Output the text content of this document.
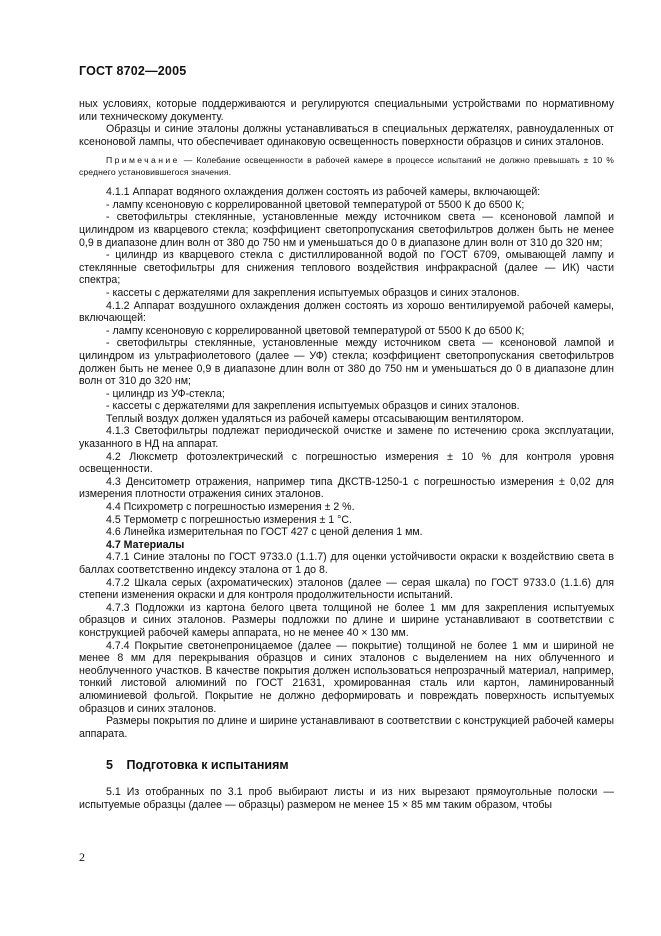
ГОСТ 8702—2005

ных условиях, которые поддерживаются и регулируются специальными устройствами по нормативному или техническому документу.

Образцы и синие эталоны должны устанавливаться в специальных держателях, равноудаленных от ксеноновой лампы, что обеспечивает одинаковую освещенность поверхности образцов и синих эталонов.

Примечание — Колебание освещенности в рабочей камере в процессе испытаний не должно превышать ± 10 % среднего установившегося значения.

4.1.1 Аппарат водяного охлаждения должен состоять из рабочей камеры, включающей:

- лампу ксеноновую с коррелированной цветовой температурой от 5500 К до 6500 К;

- светофильтры стеклянные, установленные между источником света — ксеноновой лампой и цилиндром из кварцевого стекла; коэффициент светопропускания светофильтров должен быть не менее 0,9 в диапазоне длин волн от 380 до 750 нм и уменьшаться до 0 в диапазоне длин волн от 310 до 320 нм;

- цилиндр из кварцевого стекла с дистиллированной водой по ГОСТ 6709, омывающей лампу и стеклянные светофильтры для снижения теплового воздействия инфракрасной (далее — ИК) части спектра;

- кассеты с держателями для закрепления испытуемых образцов и синих эталонов.

4.1.2 Аппарат воздушного охлаждения должен состоять из хорошо вентилируемой рабочей камеры, включающей:

- лампу ксеноновую с коррелированной цветовой температурой от 5500 К до 6500 К;

- светофильтры стеклянные, установленные между источником света — ксеноновой лампой и цилиндром из ультрафиолетового (далее — УФ) стекла; коэффициент светопропускания светофильтров должен быть не менее 0,9 в диапазоне длин волн от 380 до 750 нм и уменьшаться до 0 в диапазоне длин волн от 310 до 320 нм;

- цилиндр из УФ-стекла;

- кассеты с держателями для закрепления испытуемых образцов и синих эталонов.

Теплый воздух должен удаляться из рабочей камеры отсасывающим вентилятором.

4.1.3 Светофильтры подлежат периодической очистке и замене по истечению срока эксплуатации, указанного в НД на аппарат.

4.2 Люксметр фотоэлектрический с погрешностью измерения ± 10 % для контроля уровня освещенности.

4.3 Денситометр отражения, например типа ДКСТВ-1250-1 с погрешностью измерения ± 0,02 для измерения плотности отражения синих эталонов.

4.4 Психрометр с погрешностью измерения ± 2 %.

4.5 Термометр с погрешностью измерения ± 1 °С.

4.6 Линейка измерительная по ГОСТ 427 с ценой деления 1 мм.

4.7 Материалы

4.7.1 Синие эталоны по ГОСТ 9733.0 (1.1.7) для оценки устойчивости окраски к воздействию света в баллах соответственно индексу эталона от 1 до 8.

4.7.2 Шкала серых (ахроматических) эталонов (далее — серая шкала) по ГОСТ 9733.0 (1.1.6) для степени изменения окраски и для контроля продолжительности испытаний.

4.7.3 Подложки из картона белого цвета толщиной не более 1 мм для закрепления испытуемых образцов и синих эталонов. Размеры подложки по длине и ширине устанавливают в соответствии с конструкцией рабочей камеры аппарата, но не менее 40 × 130 мм.

4.7.4 Покрытие светонепроницаемое (далее — покрытие) толщиной не более 1 мм и шириной не менее 8 мм для перекрывания образцов и синих эталонов с выделением на них облученного и необлученного участков. В качестве покрытия должен использоваться непрозрачный материал, например, тонкий листовой алюминий по ГОСТ 21631, хромированная сталь или картон, ламинированный алюминиевой фольгой. Покрытие не должно деформировать и повреждать поверхность испытуемых образцов и синих эталонов.

Размеры покрытия по длине и ширине устанавливают в соответствии с конструкцией рабочей камеры аппарата.

5 Подготовка к испытаниям

5.1 Из отобранных по 3.1 проб выбирают листы и из них вырезают прямоугольные полоски — испытуемые образцы (далее — образцы) размером не менее 15 × 85 мм таким образом, чтобы

2
